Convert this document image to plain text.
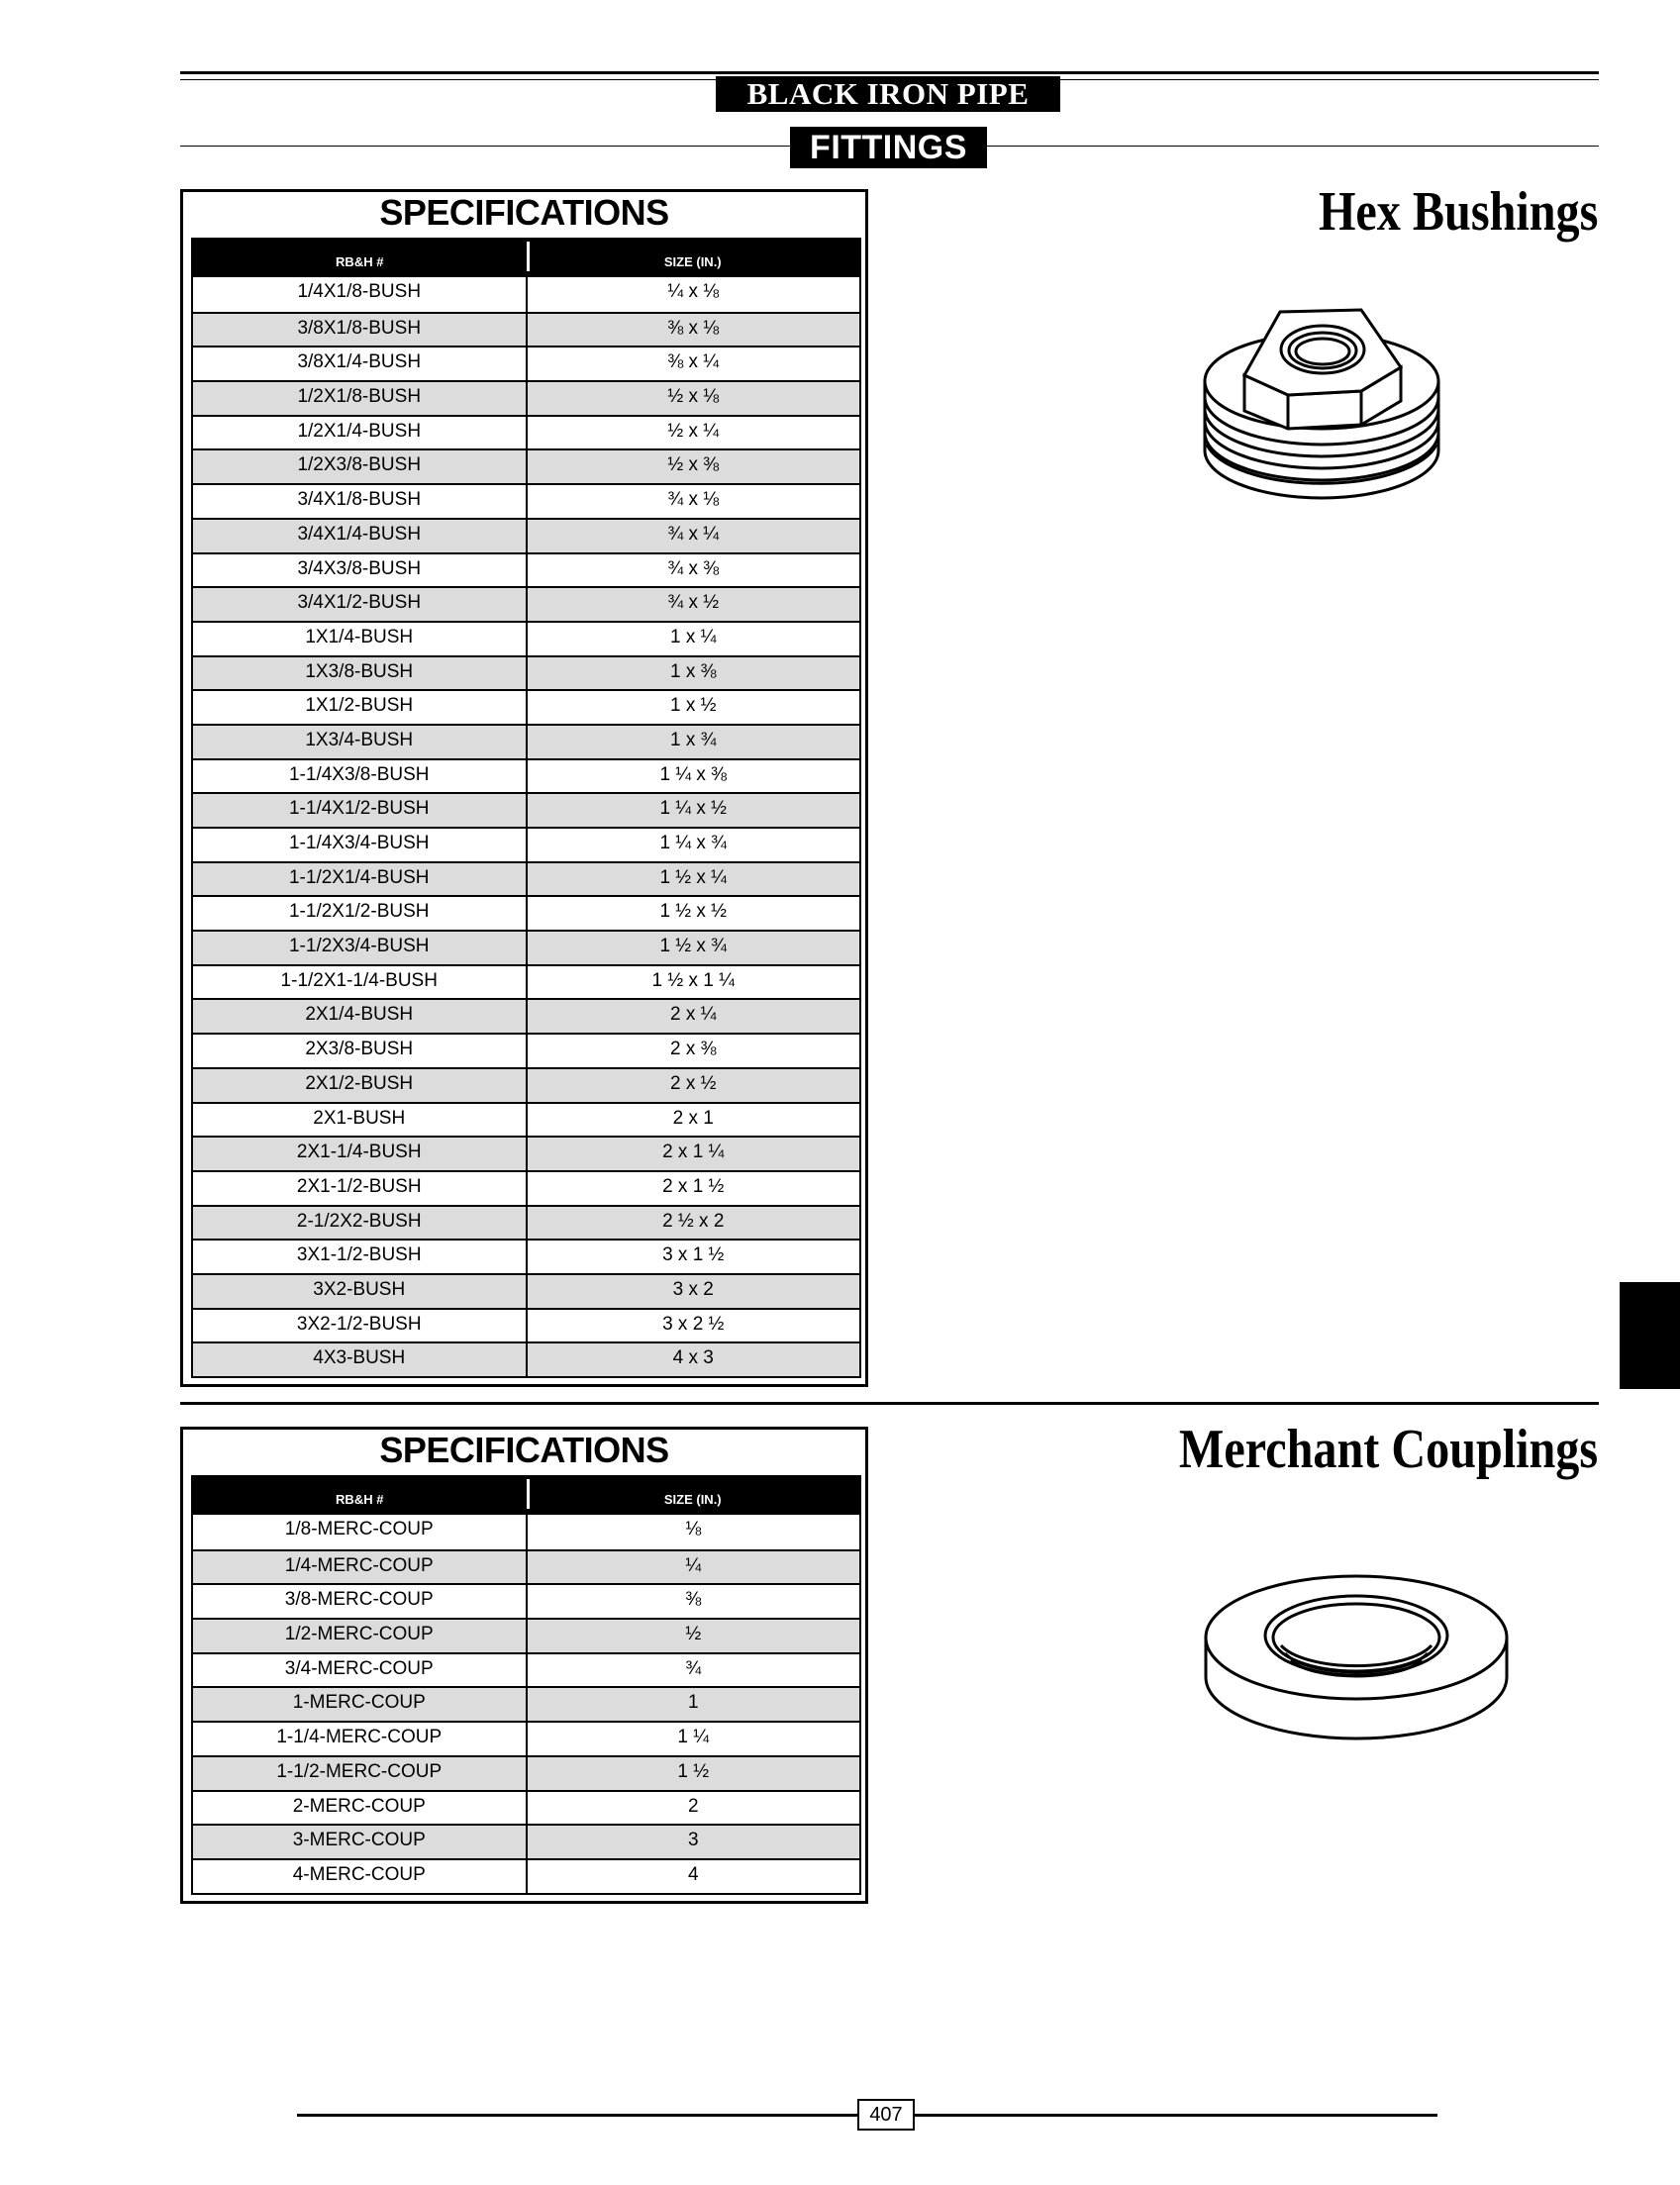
BLACK IRON PIPE
FITTINGS
Hex Bushings
SPECIFICATIONS
RB&H #	SIZE (IN.)
1/4X1/8-BUSH	¼ x ⅛
3/8X1/8-BUSH	⅜ x ⅛
3/8X1/4-BUSH	⅜ x ¼
1/2X1/8-BUSH	½ x ⅛
1/2X1/4-BUSH	½ x ¼
1/2X3/8-BUSH	½ x ⅜
3/4X1/8-BUSH	¾ x ⅛
3/4X1/4-BUSH	¾ x ¼
3/4X3/8-BUSH	¾ x ⅜
3/4X1/2-BUSH	¾ x ½
1X1/4-BUSH	1 x ¼
1X3/8-BUSH	1 x ⅜
1X1/2-BUSH	1 x ½
1X3/4-BUSH	1 x ¾
1-1/4X3/8-BUSH	1 ¼ x ⅜
1-1/4X1/2-BUSH	1 ¼ x ½
1-1/4X3/4-BUSH	1 ¼ x ¾
1-1/2X1/4-BUSH	1 ½ x ¼
1-1/2X1/2-BUSH	1 ½ x ½
1-1/2X3/4-BUSH	1 ½ x ¾
1-1/2X1-1/4-BUSH	1 ½ x 1 ¼
2X1/4-BUSH	2 x ¼
2X3/8-BUSH	2 x ⅜
2X1/2-BUSH	2 x ½
2X1-BUSH	2 x 1
2X1-1/4-BUSH	2 x 1 ¼
2X1-1/2-BUSH	2 x 1 ½
2-1/2X2-BUSH	2 ½ x 2
3X1-1/2-BUSH	3 x 1 ½
3X2-BUSH	3 x 2
3X2-1/2-BUSH	3 x 2 ½
4X3-BUSH	4 x 3
Merchant Couplings
SPECIFICATIONS
RB&H #	SIZE (IN.)
1/8-MERC-COUP	⅛
1/4-MERC-COUP	¼
3/8-MERC-COUP	⅜
1/2-MERC-COUP	½
3/4-MERC-COUP	¾
1-MERC-COUP	1
1-1/4-MERC-COUP	1 ¼
1-1/2-MERC-COUP	1 ½
2-MERC-COUP	2
3-MERC-COUP	3
4-MERC-COUP	4
407
